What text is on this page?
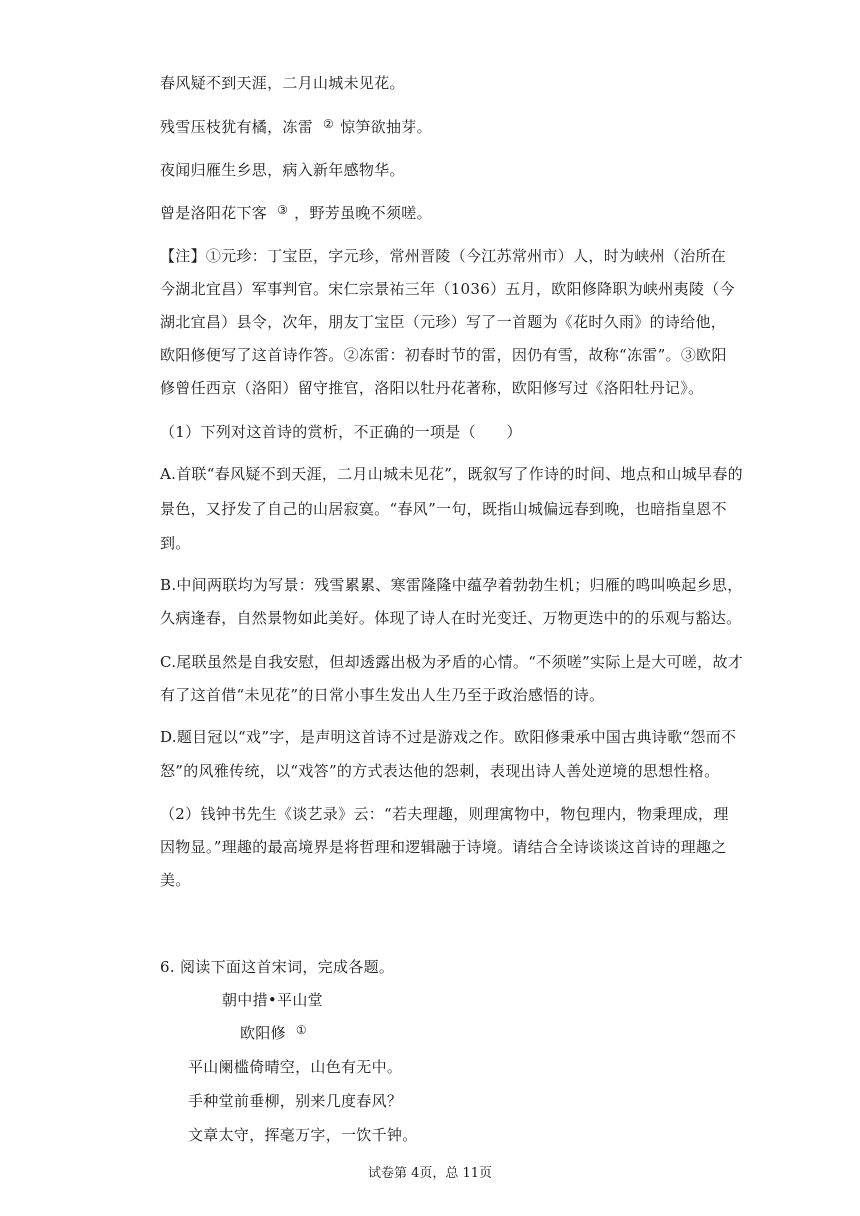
春风疑不到天涯，二月山城未见花。
残雪压枝犹有橘，冻雷 ② 惊笋欲抽芽。
夜闻归雁生乡思，病入新年感物华。
曾是洛阳花下客 ③ ，野芳虽晚不须嗟。
【注】①元珍：丁宝臣，字元珍，常州晋陵（今江苏常州市）人，时为峡州（治所在
今湖北宜昌）军事判官。宋仁宗景祐三年（1036）五月，欧阳修降职为峡州夷陵（今
湖北宜昌）县令，次年，朋友丁宝臣（元珍）写了一首题为《花时久雨》的诗给他，
欧阳修便写了这首诗作答。②冻雷：初春时节的雷，因仍有雪，故称“冻雷”。③欧阳
修曾任西京（洛阳）留守推官，洛阳以牡丹花著称，欧阳修写过《洛阳牡丹记》。
（1）下列对这首诗的赏析，不正确的一项是（　　）
A.首联“春风疑不到天涯，二月山城未见花”，既叙写了作诗的时间、地点和山城早春的
景色，又抒发了自己的山居寂寞。“春风”一句，既指山城偏远春到晚，也暗指皇恩不
到。
B.中间两联均为写景：残雪累累、寒雷隆隆中蕴孕着勃勃生机；归雁的鸣叫唤起乡思，
久病逢春，自然景物如此美好。体现了诗人在时光变迁、万物更迭中的的乐观与豁达。
C.尾联虽然是自我安慰，但却透露出极为矛盾的心情。“不须嗟”实际上是大可嗟，故才
有了这首借“未见花”的日常小事生发出人生乃至于政治感悟的诗。
D.题目冠以“戏”字，是声明这首诗不过是游戏之作。欧阳修秉承中国古典诗歌“怨而不
怒”的风雅传统，以“戏答”的方式表达他的怨刺，表现出诗人善处逆境的思想性格。
（2）钱钟书先生《谈艺录》云：“若夫理趣，则理寓物中，物包理内，物秉理成，理
因物显。”理趣的最高境界是将哲理和逻辑融于诗境。请结合全诗谈谈这首诗的理趣之
美。
6. 阅读下面这首宋词，完成各题。
朝中措•平山堂
欧阳修 ①
平山阑槛倚晴空，山色有无中。
手种堂前垂柳，别来几度春风？
文章太守，挥毫万字，一饮千钟。
试卷第 4页，总 11页
